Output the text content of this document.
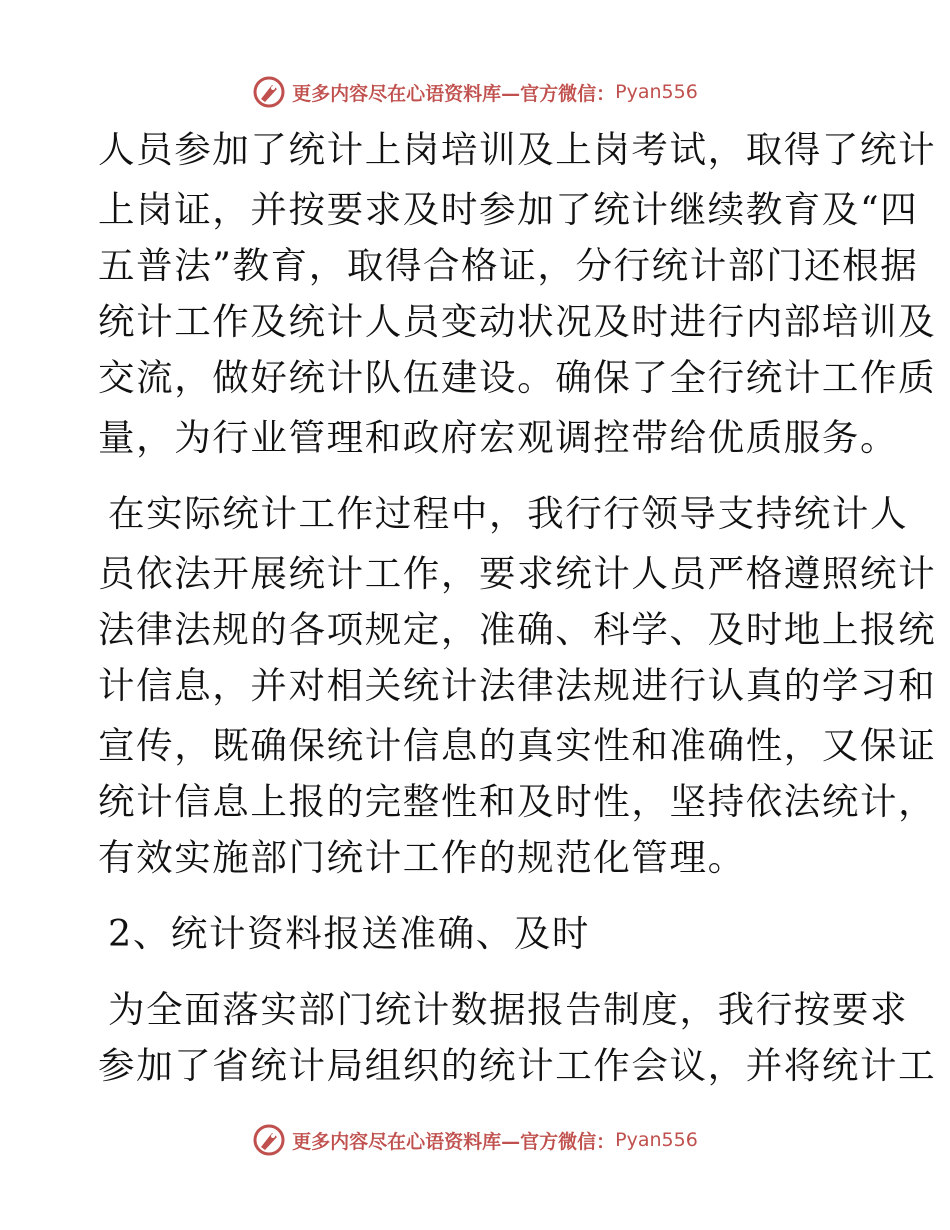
更多内容尽在心语资料库—官方微信： Pyan556
人员参加了统计上岗培训及上岗考试，取得了统计
上岗证，并按要求及时参加了统计继续教育及“四
五普法”教育，取得合格证，分行统计部门还根据
统计工作及统计人员变动状况及时进行内部培训及
交流，做好统计队伍建设。确保了全行统计工作质
量，为行业管理和政府宏观调控带给优质服务。
在实际统计工作过程中，我行行领导支持统计人
员依法开展统计工作，要求统计人员严格遵照统计
法律法规的各项规定，准确、科学、及时地上报统
计信息，并对相关统计法律法规进行认真的学习和
宣传，既确保统计信息的真实性和准确性，又保证
统计信息上报的完整性和及时性，坚持依法统计，
有效实施部门统计工作的规范化管理。
2、统计资料报送准确、及时
为全面落实部门统计数据报告制度，我行按要求
参加了省统计局组织的统计工作会议，并将统计工
更多内容尽在心语资料库—官方微信： Pyan556
